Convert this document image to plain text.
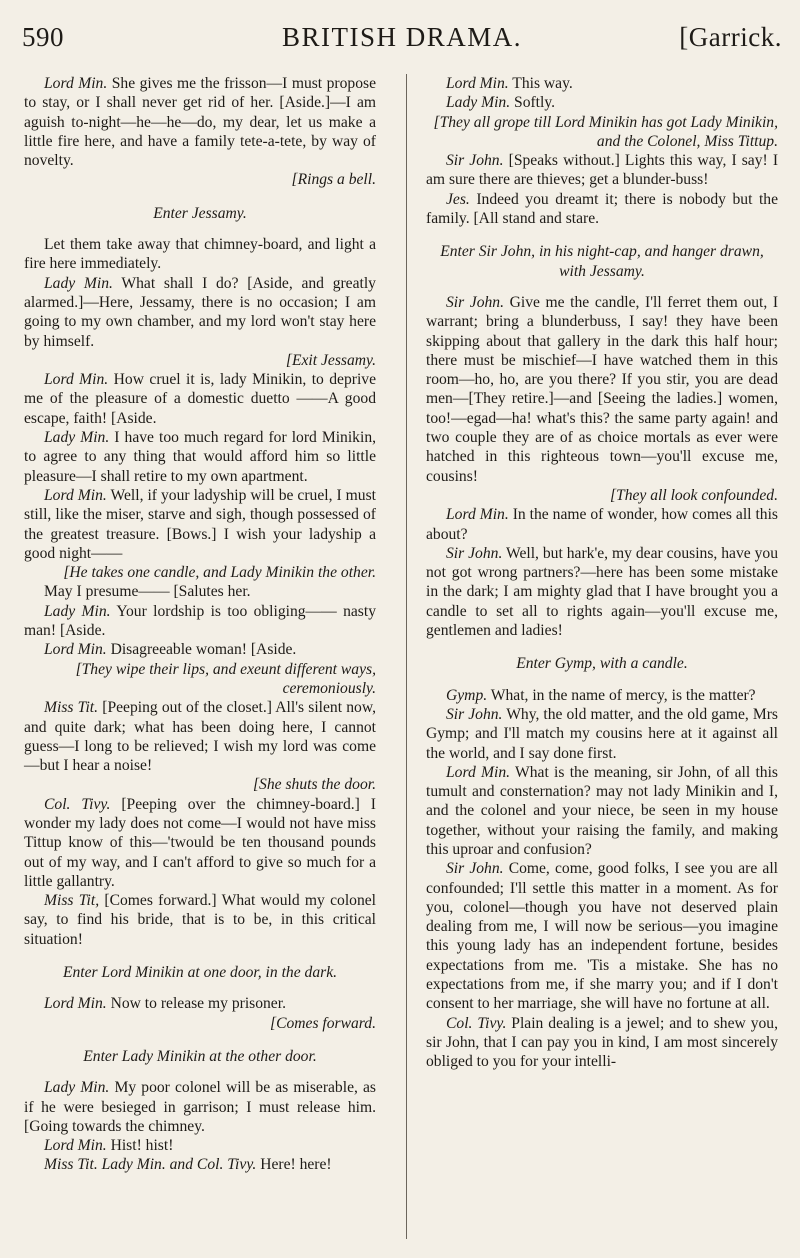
590	BRITISH DRAMA.	[Garrick.

Lord Min. She gives me the frisson—I must propose to stay, or I shall never get rid of her. [Aside.]—I am aguish to-night—he—he—do, my dear, let us make a little fire here, and have a family tete-a-tete, by way of novelty.

[Rings a bell.

Enter Jessamy.

Let them take away that chimney-board, and light a fire here immediately.

Lady Min. What shall I do? [Aside, and greatly alarmed.]—Here, Jessamy, there is no occasion; I am going to my own chamber, and my lord won't stay here by himself.

[Exit Jessamy.

Lord Min. How cruel it is, lady Minikin, to deprive me of the pleasure of a domestic duetto ——A good escape, faith! [Aside.

Lady Min. I have too much regard for lord Minikin, to agree to any thing that would afford him so little pleasure—I shall retire to my own apartment.

Lord Min. Well, if your ladyship will be cruel, I must still, like the miser, starve and sigh, though possessed of the greatest treasure. [Bows.] I wish your ladyship a good night——

[He takes one candle, and Lady Minikin the other.

May I presume—— [Salutes her.

Lady Min. Your lordship is too obliging—— nasty man! [Aside.

Lord Min. Disagreeable woman! [Aside.

[They wipe their lips, and exeunt different ways, ceremoniously.

Miss Tit. [Peeping out of the closet.] All's silent now, and quite dark; what has been doing here, I cannot guess—I long to be relieved; I wish my lord was come—but I hear a noise!

[She shuts the door.

Col. Tivy. [Peeping over the chimney-board.] I wonder my lady does not come—I would not have miss Tittup know of this—'twould be ten thousand pounds out of my way, and I can't afford to give so much for a little gallantry.

Miss Tit, [Comes forward.] What would my colonel say, to find his bride, that is to be, in this critical situation!

Enter Lord Minikin at one door, in the dark.

Lord Min. Now to release my prisoner.

[Comes forward.

Enter Lady Minikin at the other door.

Lady Min. My poor colonel will be as miserable, as if he were besieged in garrison; I must release him. [Going towards the chimney.

Lord Min. Hist! hist!

Miss Tit. Lady Min. and Col. Tivy. Here! here!

Lord Min. This way.

Lady Min. Softly.

[They all grope till Lord Minikin has got Lady Minikin, and the Colonel, Miss Tittup.

Sir John. [Speaks without.] Lights this way, I say! I am sure there are thieves; get a blunder-buss!

Jes. Indeed you dreamt it; there is nobody but the family. [All stand and stare.

Enter Sir John, in his night-cap, and hanger drawn, with Jessamy.

Sir John. Give me the candle, I'll ferret them out, I warrant; bring a blunderbuss, I say! they have been skipping about that gallery in the dark this half hour; there must be mischief—I have watched them in this room—ho, ho, are you there? If you stir, you are dead men—[They retire.]—and [Seeing the ladies.] women, too!—egad—ha! what's this? the same party again! and two couple they are of as choice mortals as ever were hatched in this righteous town—you'll excuse me, cousins!

[They all look confounded.

Lord Min. In the name of wonder, how comes all this about?

Sir John. Well, but hark'e, my dear cousins, have you not got wrong partners?—here has been some mistake in the dark; I am mighty glad that I have brought you a candle to set all to rights again—you'll excuse me, gentlemen and ladies!

Enter Gymp, with a candle.

Gymp. What, in the name of mercy, is the matter?

Sir John. Why, the old matter, and the old game, Mrs Gymp; and I'll match my cousins here at it against all the world, and I say done first.

Lord Min. What is the meaning, sir John, of all this tumult and consternation? may not lady Minikin and I, and the colonel and your niece, be seen in my house together, without your raising the family, and making this uproar and confusion?

Sir John. Come, come, good folks, I see you are all confounded; I'll settle this matter in a moment. As for you, colonel—though you have not deserved plain dealing from me, I will now be serious—you imagine this young lady has an independent fortune, besides expectations from me. 'Tis a mistake. She has no expectations from me, if she marry you; and if I don't consent to her marriage, she will have no fortune at all.

Col. Tivy. Plain dealing is a jewel; and to shew you, sir John, that I can pay you in kind, I am most sincerely obliged to you for your intelli-
